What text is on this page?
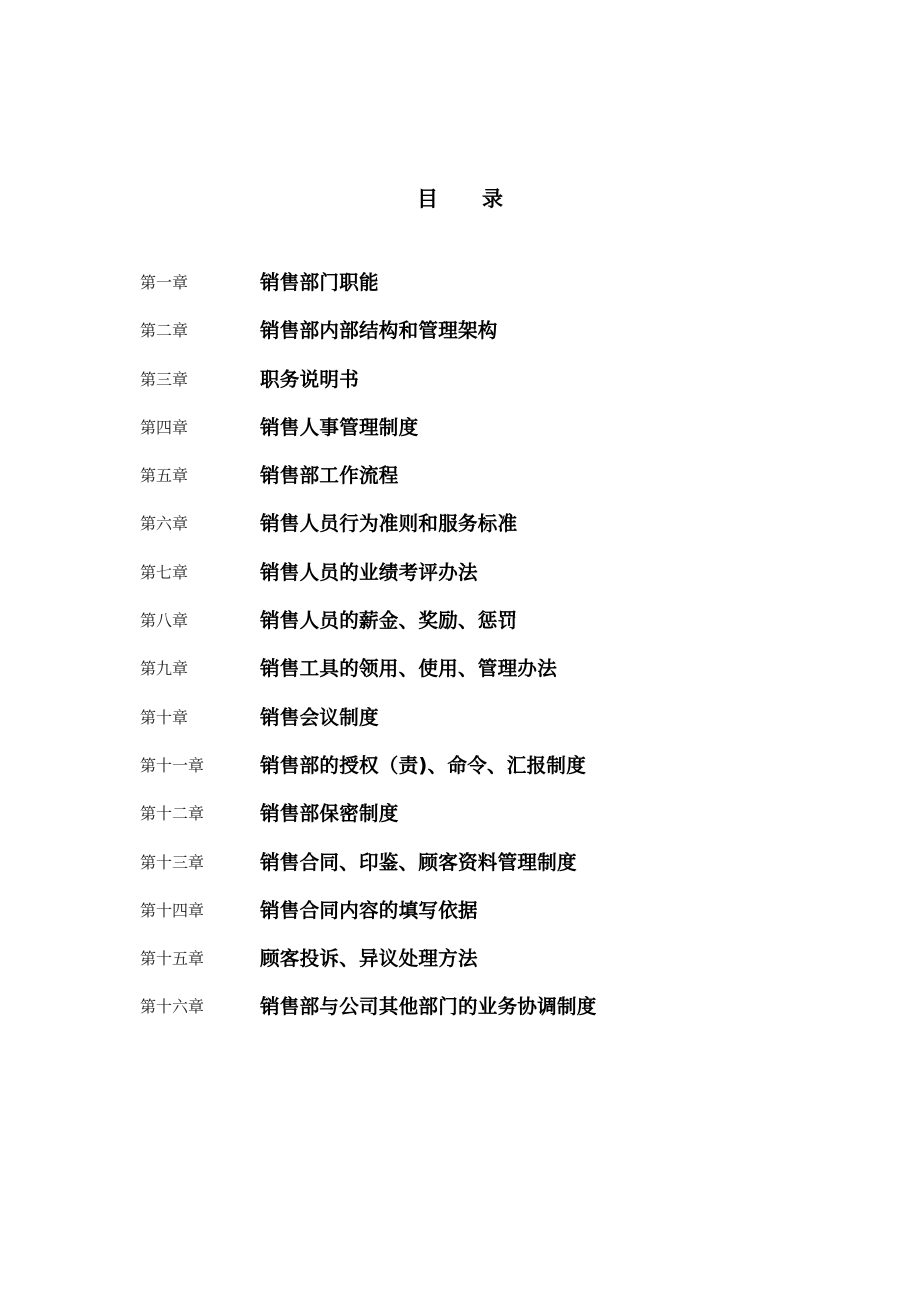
目 录
第一章	销售部门职能
第二章	销售部内部结构和管理架构
第三章	职务说明书
第四章	销售人事管理制度
第五章	销售部工作流程
第六章	销售人员行为准则和服务标准
第七章	销售人员的业绩考评办法
第八章	销售人员的薪金、奖励、惩罚
第九章	销售工具的领用、使用、管理办法
第十章	销售会议制度
第十一章	销售部的授权（责)、命令、汇报制度
第十二章	销售部保密制度
第十三章	销售合同、印鉴、顾客资料管理制度
第十四章	销售合同内容的填写依据
第十五章	顾客投诉、异议处理方法
第十六章	销售部与公司其他部门的业务协调制度
